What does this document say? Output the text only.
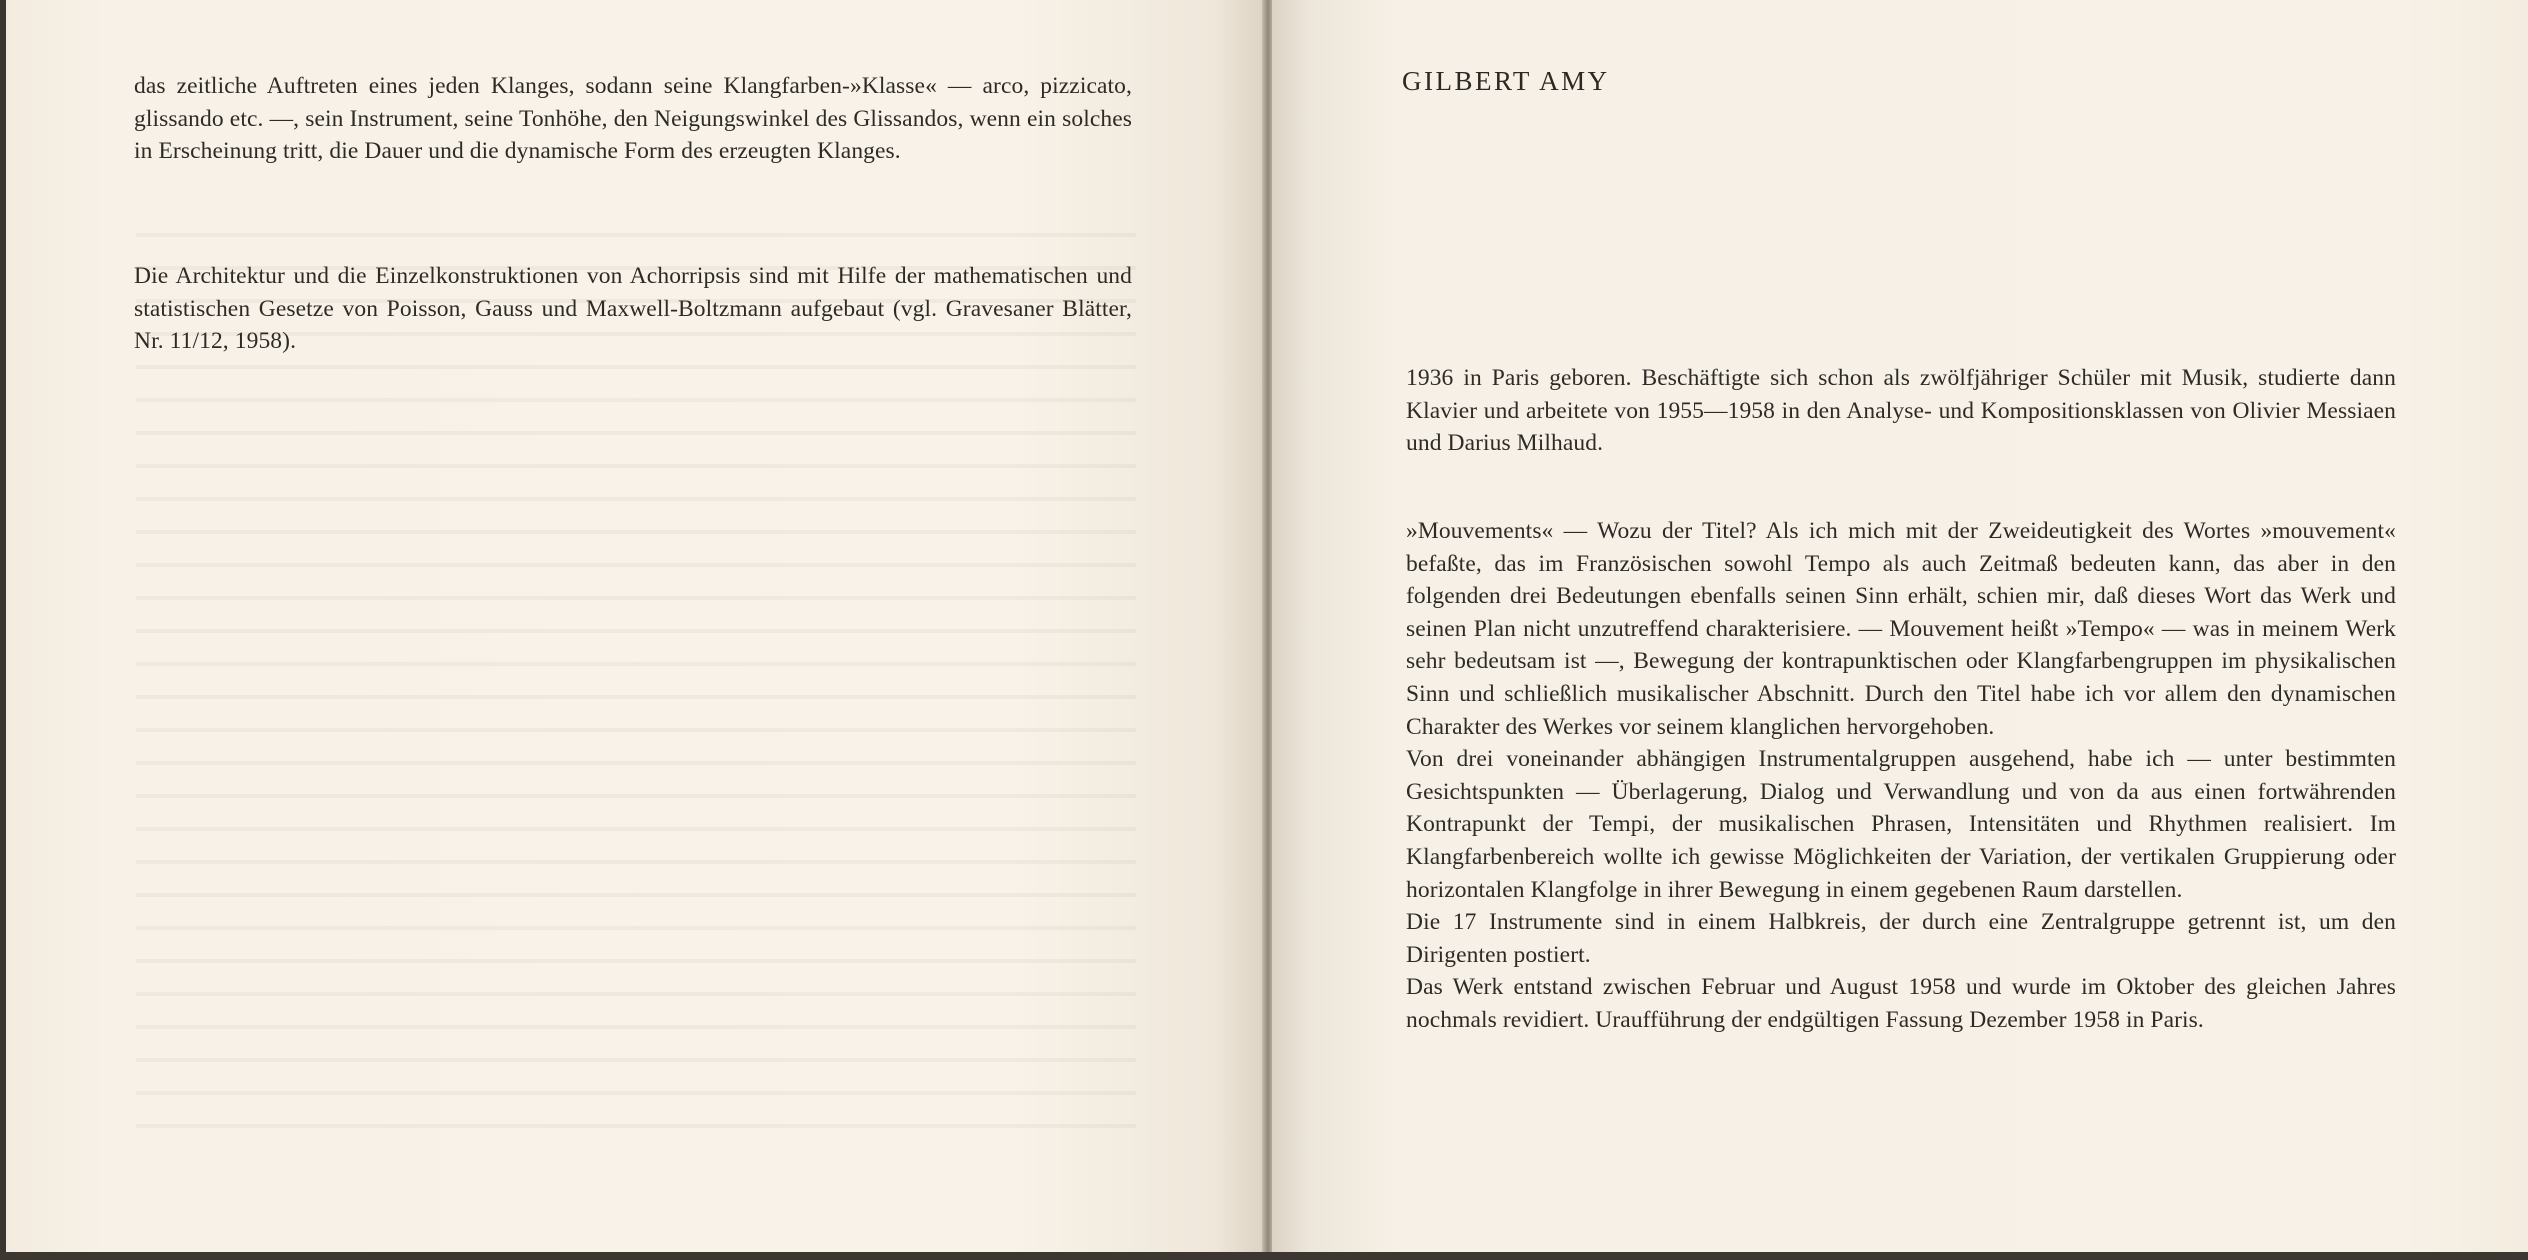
das zeitliche Auftreten eines jeden Klanges, sodann seine Klangfarben-»Klasse« — arco, pizzicato, glissando etc. —, sein Instrument, seine Tonhöhe, den Neigungswinkel des Glissandos, wenn ein solches in Erscheinung tritt, die Dauer und die dynamische Form des erzeugten Klanges.

Die Architektur und die Einzelkonstruktionen von Achorripsis sind mit Hilfe der mathematischen und statistischen Gesetze von Poisson, Gauss und Maxwell-Boltzmann aufgebaut (vgl. Gravesaner Blätter, Nr. 11/12, 1958).

GILBERT AMY

1936 in Paris geboren. Beschäftigte sich schon als zwölfjähriger Schüler mit Musik, studierte dann Klavier und arbeitete von 1955—1958 in den Analyse- und Kompositionsklassen von Olivier Messiaen und Darius Milhaud.

»Mouvements« — Wozu der Titel? Als ich mich mit der Zweideutigkeit des Wortes »mouvement« befaßte, das im Französischen sowohl Tempo als auch Zeitmaß bedeuten kann, das aber in den folgenden drei Bedeutungen ebenfalls seinen Sinn erhält, schien mir, daß dieses Wort das Werk und seinen Plan nicht unzutreffend charakterisiere. — Mouvement heißt »Tempo« — was in meinem Werk sehr bedeutsam ist —, Bewegung der kontrapunktischen oder Klangfarbengruppen im physikalischen Sinn und schließlich musikalischer Abschnitt. Durch den Titel habe ich vor allem den dynamischen Charakter des Werkes vor seinem klanglichen hervorgehoben.

Von drei voneinander abhängigen Instrumentalgruppen ausgehend, habe ich — unter bestimmten Gesichtspunkten — Überlagerung, Dialog und Verwandlung und von da aus einen fortwährenden Kontrapunkt der Tempi, der musikalischen Phrasen, Intensitäten und Rhythmen realisiert. Im Klangfarbenbereich wollte ich gewisse Möglichkeiten der Variation, der vertikalen Gruppierung oder horizontalen Klangfolge in ihrer Bewegung in einem gegebenen Raum darstellen.

Die 17 Instrumente sind in einem Halbkreis, der durch eine Zentralgruppe getrennt ist, um den Dirigenten postiert.

Das Werk entstand zwischen Februar und August 1958 und wurde im Oktober des gleichen Jahres nochmals revidiert. Uraufführung der endgültigen Fassung Dezember 1958 in Paris.
